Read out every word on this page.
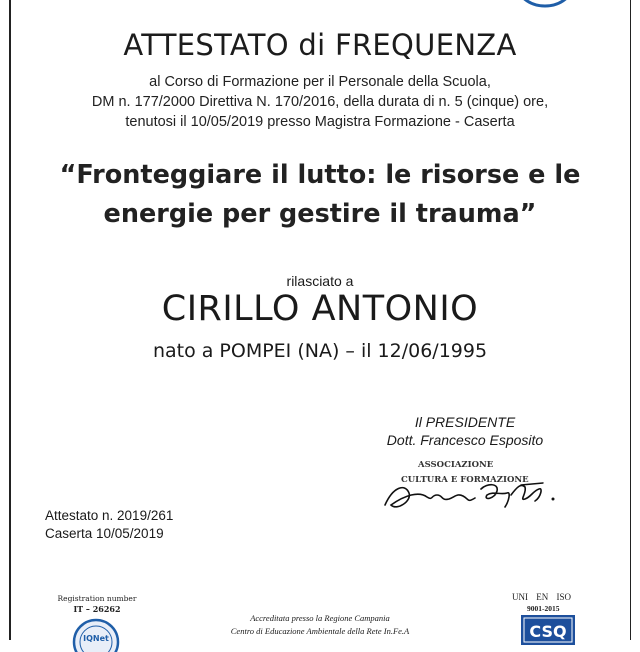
ATTESTATO di FREQUENZA
al Corso di Formazione per il Personale della Scuola,
DM n. 177/2000 Direttiva N. 170/2016, della durata di n. 5 (cinque) ore,
tenutosi il 10/05/2019 presso Magistra Formazione - Caserta
“Fronteggiare il lutto: le risorse e le
energie per gestire il trauma”
rilasciato a
CIRILLO ANTONIO
nato a POMPEI (NA) – il 12/06/1995
Il PRESIDENTE
Dott. Francesco Esposito
ASSOCIAZIONE
CULTURA E FORMAZIONE
Attestato n. 2019/261
Caserta 10/05/2019
Registration number
IT – 26262
IQNet
Accreditata presso la Regione Campania
Centro di Educazione Ambientale della Rete In.Fe.A
UNI EN ISO
9001-2015
CSQ
